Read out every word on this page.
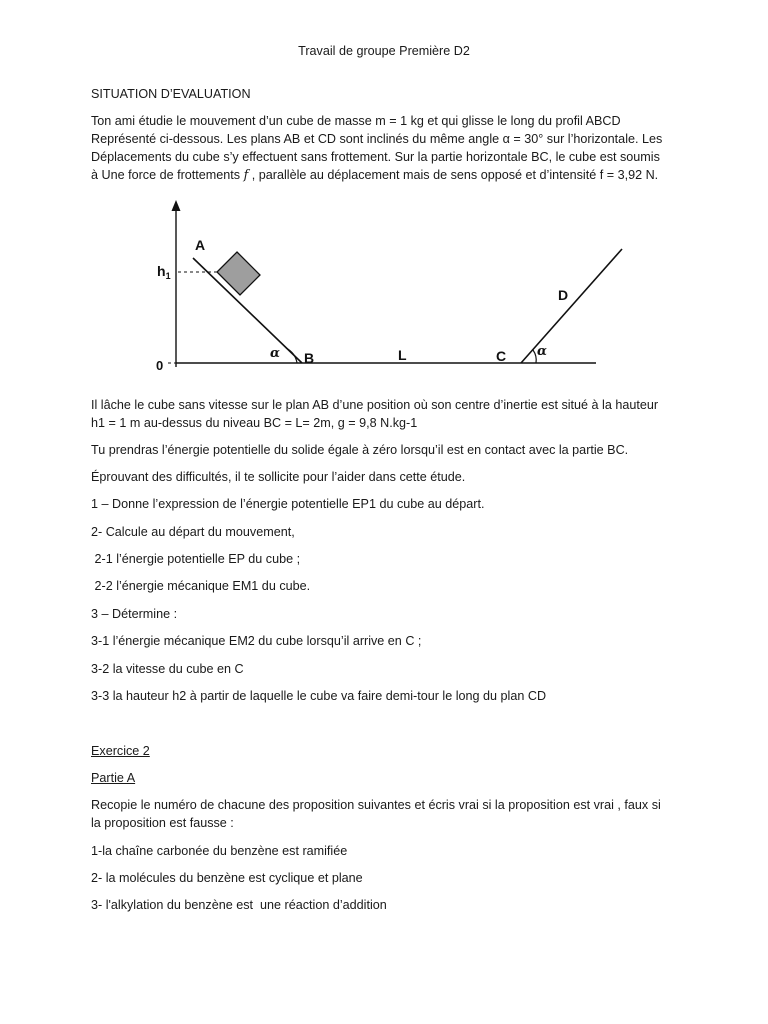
Travail de groupe Première D2
SITUATION D’EVALUATION
Ton ami étudie le mouvement d’un cube de masse m = 1 kg et qui glisse le long du profil ABCD
Représenté ci-dessous. Les plans AB et CD sont inclinés du même angle α = 30° sur l’horizontale. Les
Déplacements du cube s’y effectuent sans frottement. Sur la partie horizontale BC, le cube est soumis
à Une force de frottements f , parallèle au déplacement mais de sens opposé et d’intensité f = 3,92 N.
A
B	C
D
L
$h_1$
0
α	α
Il lâche le cube sans vitesse sur le plan AB d’une position où son centre d’inertie est situé à la hauteur
h1 = 1 m au-dessus du niveau BC = L= 2m, g = 9,8 N.kg-1
Tu prendras l’énergie potentielle du solide égale à zéro lorsqu’il est en contact avec la partie BC.
Éprouvant des difficultés, il te sollicite pour l’aider dans cette étude.
1 – Donne l’expression de l’énergie potentielle EP1 du cube au départ.
2- Calcule au départ du mouvement,
2-1 l’énergie potentielle EP du cube ;
2-2 l’énergie mécanique EM1 du cube.
3 – Détermine :
3-1 l’énergie mécanique EM2 du cube lorsqu’il arrive en C ;
3-2 la vitesse du cube en C
3-3 la hauteur h2 à partir de laquelle le cube va faire demi-tour le long du plan CD
Exercice 2
Partie A
Recopie le numéro de chacune des proposition suivantes et écris vrai si la proposition est vrai , faux si
la proposition est fausse :
1-la chaîne carbonée du benzène est ramifiée
2- la molécules du benzène est cyclique et plane
3- l'alkylation du benzène est  une réaction d’addition
